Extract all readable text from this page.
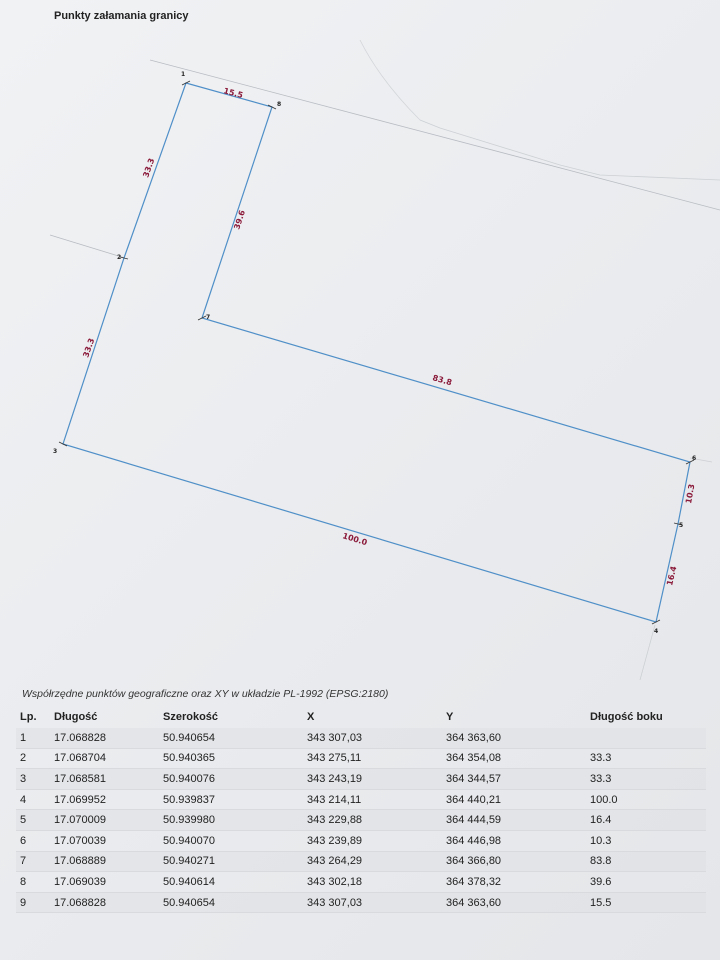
Punkty załamania granicy
1
2
3
4
5
6
7
8
15.5
33.3
33.3
100.0
16.4
10.3
83.8
39.6
Współrzędne punktów geograficzne oraz XY w układzie PL-1992 (EPSG:2180)
Lp.	Długość	Szerokość	X	Y	Długość boku
1	17.068828	50.940654	343 307,03	364 363,60	
2	17.068704	50.940365	343 275,11	364 354,08	33.3
3	17.068581	50.940076	343 243,19	364 344,57	33.3
4	17.069952	50.939837	343 214,11	364 440,21	100.0
5	17.070009	50.939980	343 229,88	364 444,59	16.4
6	17.070039	50.940070	343 239,89	364 446,98	10.3
7	17.068889	50.940271	343 264,29	364 366,80	83.8
8	17.069039	50.940614	343 302,18	364 378,32	39.6
9	17.068828	50.940654	343 307,03	364 363,60	15.5
